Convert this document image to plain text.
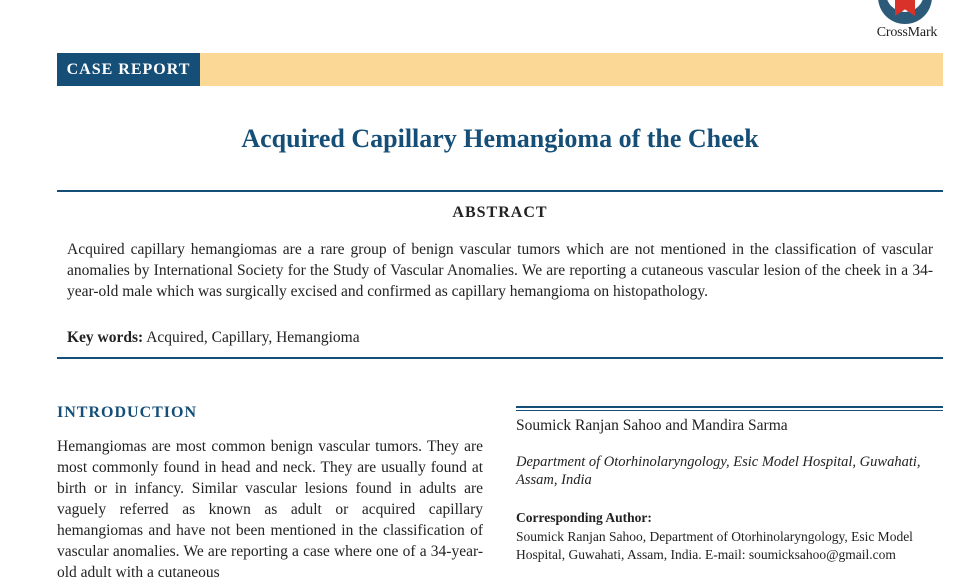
CrossMark
CASE REPORT
Acquired Capillary Hemangioma of the Cheek
ABSTRACT
Acquired capillary hemangiomas are a rare group of benign vascular tumors which are not mentioned in the classification of vascular anomalies by International Society for the Study of Vascular Anomalies. We are reporting a cutaneous vascular lesion of the cheek in a 34-year-old male which was surgically excised and confirmed as capillary hemangioma on histopathology.
Key words: Acquired, Capillary, Hemangioma
INTRODUCTION
Hemangiomas are most common benign vascular tumors. They are most commonly found in head and neck. They are usually found at birth or in infancy. Similar vascular lesions found in adults are vaguely referred as known as adult or acquired capillary hemangiomas and have not been mentioned in the classification of vascular anomalies. We are reporting a case where one of a 34-year-old adult with a cutaneous
Soumick Ranjan Sahoo and Mandira Sarma
Department of Otorhinolaryngology, Esic Model Hospital, Guwahati, Assam, India
Corresponding Author:
Soumick Ranjan Sahoo, Department of Otorhinolaryngology, Esic Model Hospital, Guwahati, Assam, India. E-mail: soumicksahoo@gmail.com
